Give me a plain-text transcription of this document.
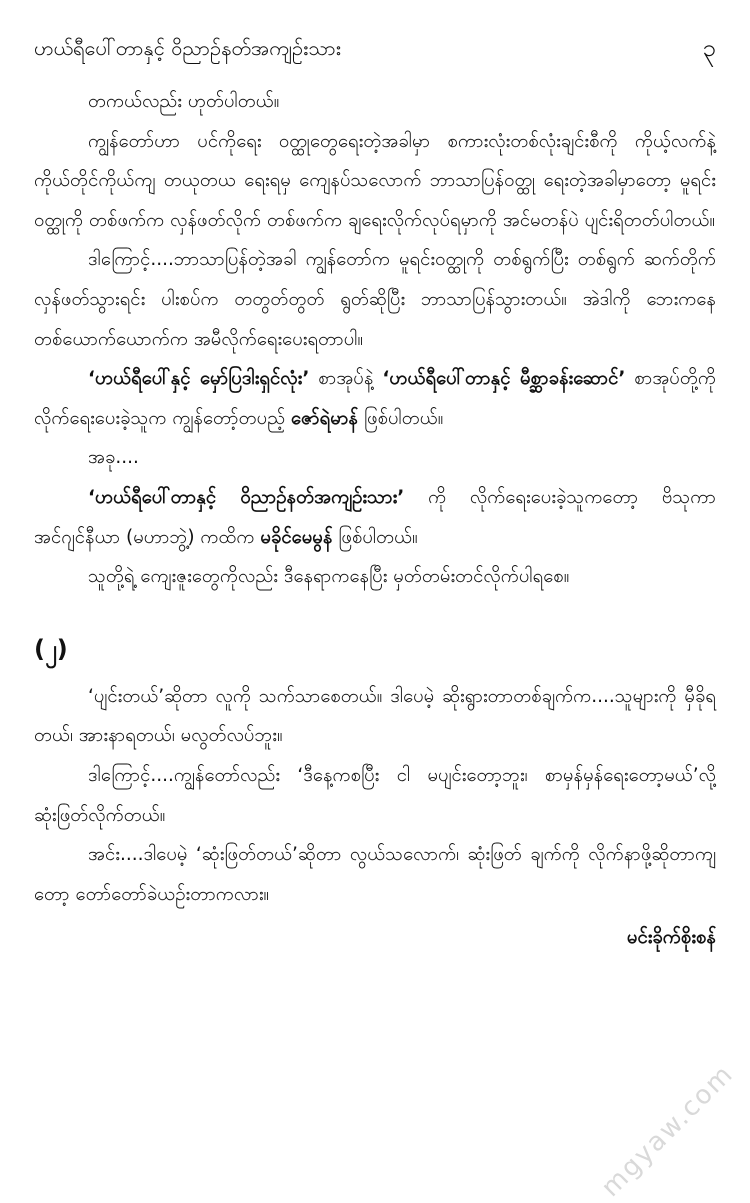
ဟယ်ရီပေါ်တာနှင့် ဝိညာဉ်နတ်အကျဉ်းသား	၃

တကယ်လည်း ဟုတ်ပါတယ်။

ကျွန်တော်ဟာ ပင်ကိုရေး ဝတ္ထုတွေရေးတဲ့အခါမှာ စကားလုံးတစ်လုံးချင်းစီကို ကိုယ့်လက်နဲ့ ကိုယ်တိုင်ကိုယ်ကျ တယုတယ ရေးရမှ ကျေနပ်သလောက် ဘာသာပြန်ဝတ္ထု ရေးတဲ့အခါမှာတော့ မူရင်းဝတ္ထုကို တစ်ဖက်က လှန်ဖတ်လိုက် တစ်ဖက်က ချရေးလိုက်လုပ်ရမှာကို အင်မတန်ပဲ ပျင်းရိတတ်ပါတယ်။

ဒါကြောင့်....ဘာသာပြန်တဲ့အခါ ကျွန်တော်က မူရင်းဝတ္ထုကို တစ်ရွက်ပြီး တစ်ရွက် ဆက်တိုက် လှန်ဖတ်သွားရင်း ပါးစပ်က တတွတ်တွတ် ရွတ်ဆိုပြီး ဘာသာပြန်သွားတယ်။ အဲဒါကို ဘေးကနေ တစ်ယောက်ယောက်က အမီလိုက်ရေးပေးရတာပါ။

‘ဟယ်ရီပေါ်နှင့် မှော်ပြဒါးရှင်လုံး’ စာအုပ်နဲ့ ‘ဟယ်ရီပေါ်တာနှင့် မီစ္ဆာခန်းဆောင်’ စာအုပ်တို့ကို လိုက်ရေးပေးခဲ့သူက ကျွန်တော့်တပည့် ဇော်ရဲမာန် ဖြစ်ပါတယ်။

အခု....

‘ဟယ်ရီပေါ်တာနှင့် ဝိညာဉ်နတ်အကျဉ်းသား’ ကို လိုက်ရေးပေးခဲ့သူကတော့ ဗိသုကာ အင်ဂျင်နီယာ (မဟာဘွဲ့) ကထိက မခိုင်မေမွန် ဖြစ်ပါတယ်။

သူတို့ရဲ့ ကျေးဇူးတွေကိုလည်း ဒီနေရာကနေပြီး မှတ်တမ်းတင်လိုက်ပါရစေ။

(၂)

‘ပျင်းတယ်’ဆိုတာ လူကို သက်သာစေတယ်။ ဒါပေမဲ့ ဆိုးရွားတာတစ်ချက်က....သူများကို မှီခိုရတယ်၊ အားနာရတယ်၊ မလွတ်လပ်ဘူး။

ဒါကြောင့်....ကျွန်တော်လည်း ‘ဒီနေ့ကစပြီး ငါ မပျင်းတော့ဘူး၊ စာမှန်မှန်ရေးတော့မယ်’လို့ ဆုံးဖြတ်လိုက်တယ်။

အင်း....ဒါပေမဲ့ ‘ဆုံးဖြတ်တယ်’ဆိုတာ လွယ်သလောက်၊ ဆုံးဖြတ် ချက်ကို လိုက်နာဖို့ဆိုတာကျတော့ တော်တော်ခဲယဉ်းတာကလား။

မင်းခိုက်စိုးစန်

mgyaw.com
